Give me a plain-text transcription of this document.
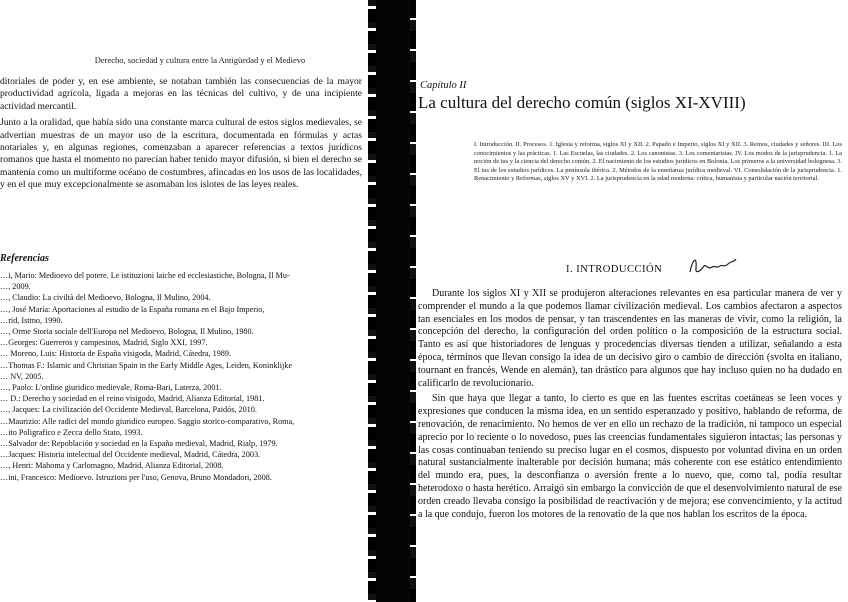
Derecho, sociedad y cultura entre la Antigüedad y el Medievo

ditoriales de poder y, en ese ambiente, se notaban también las consecuencias de la mayor productividad agrícola, ligada a mejoras en las técnicas del cultivo, y de una incipiente actividad mercantil.

Junto a la oralidad, que había sido una constante marca cultural de estos siglos medievales, se advertían muestras de un mayor uso de la escritura, documentada en fórmulas y actas notariales y, en algunas regiones, comenzaban a aparecer referencias a textos jurídicos romanos que hasta el momento no parecían haber tenido mayor difusión, si bien el derecho se mantenía como un multiforme océano de costumbres, afincadas en los usos de las localidades, y en el que muy excepcionalmente se asomaban los islotes de las leyes reales.

Referencias
…i, Mario: Medioevo del potere. Le istituzioni laiche ed ecclesiastiche, Bologna, Il Mu-
…, 2009.
…, Claudio: La civiltà del Medioevo, Bologna, Il Mulino, 2004.
…, José María: Aportaciones al estudio de la España romana en el Bajo Imperio,
…rid, Istmo, 1990.
…, Orme Storia sociale dell'Europa nel Medioevo, Bologna, Il Mulino, 1980.
…Georges: Guerreros y campesinos, Madrid, Siglo XXI, 1997.
… Moreno, Luis: Historia de España visigoda, Madrid, Cátedra, 1989.
…Thomas F.: Islamic and Christian Spain in the Early Middle Ages, Leiden, Koninklijke
… NV, 2005.
…, Paolo: L'ordine giuridico medievale, Roma-Bari, Laterza, 2001.
… D.: Derecho y sociedad en el reino visigodo, Madrid, Alianza Editorial, 1981.
…, Jacques: La civilización del Occidente Medieval, Barcelona, Paidós, 2010.
…Maurizio: Alle radici del mondo giuridico europeo. Saggio storico-comparativo, Roma,
…ito Poligrafico e Zecca dello Stato, 1993.
…Salvador de: Repoblación y sociedad en la España medieval, Madrid, Rialp, 1979.
…Jacques: Historia intelectual del Occidente medieval, Madrid, Cátedra, 2003.
…, Henri: Mahoma y Carlomagno, Madrid, Alianza Editorial, 2008.
…ini, Francesco: Medioevo. Istruzioni per l'uso, Genova, Bruno Mondadori, 2008.
Capítulo II
La cultura del derecho común (siglos XI-XVIII)
I. Introducción. II. Procesos. 1. Iglesia y reforma, siglos XI y XII. 2. Papado e Imperio, siglos XI y XII. 3. Reinos, ciudades y señores. III. Los conocimientos y las prácticas. 1. Las Escuelas, las ciudades. 2. Los canonistas. 3. Los comentaristas. IV. Los modos de la jurisprudencia. 1. La noción de ius y la ciencia del derecho común. 2. El nacimiento de los estudios jurídicos en Bolonia. Los primeros a la universidad bolognesa. 3. El ius de los estudios jurídicos. La península ibérica. 2. Métodos de la enseñanza jurídica medieval. VI. Consolidación de la jurisprudencia. 1. Renacimiento y Reformas, siglos XV y XVI. 2. La jurisprudencia en la edad moderna: crítica, humanista y particular nación territorial.
I. INTRODUCCIÓN

Durante los siglos XI y XII se produjeron alteraciones relevantes en esa particular manera de ver y comprender el mundo a la que podemos llamar civilización medieval. Los cambios afectaron a aspectos tan esenciales en los modos de pensar, y tan trascendentes en las maneras de vivir, como la religión, la concepción del derecho, la configuración del orden político o la composición de la estructura social. Tanto es así que historiadores de lenguas y procedencias diversas tienden a utilizar, señalando a esta época, términos que llevan consigo la idea de un decisivo giro o cambio de dirección (svolta en italiano, tournant en francés, Wende en alemán), tan drástico para algunos que hay incluso quien no ha dudado en calificarlo de revolucionario.

Sin que haya que llegar a tanto, lo cierto es que en las fuentes escritas coetáneas se leen voces y expresiones que conducen la misma idea, en un sentido esperanzado y positivo, hablando de reforma, de renovación, de renacimiento. No hemos de ver en ello un rechazo de la tradición, ni tampoco un especial aprecio por lo reciente o lo novedoso, pues las creencias fundamentales siguieron intactas; las personas y las cosas continuaban teniendo su preciso lugar en el cosmos, dispuesto por voluntad divina en un orden natural sustancialmente inalterable por decisión humana; más coherente con ese estático entendimiento del mundo era, pues, la desconfianza o aversión frente a lo nuevo, que, como tal, podía resultar heterodoxo o hasta herético. Arraigó sin embargo la convicción de que el desenvolvimiento natural de ese orden creado llevaba consigo la posibilidad de reactivación y de mejora; ese convencimiento, y la actitud a la que condujo, fueron los motores de la renovatio de la que nos hablan los escritos de la época.
